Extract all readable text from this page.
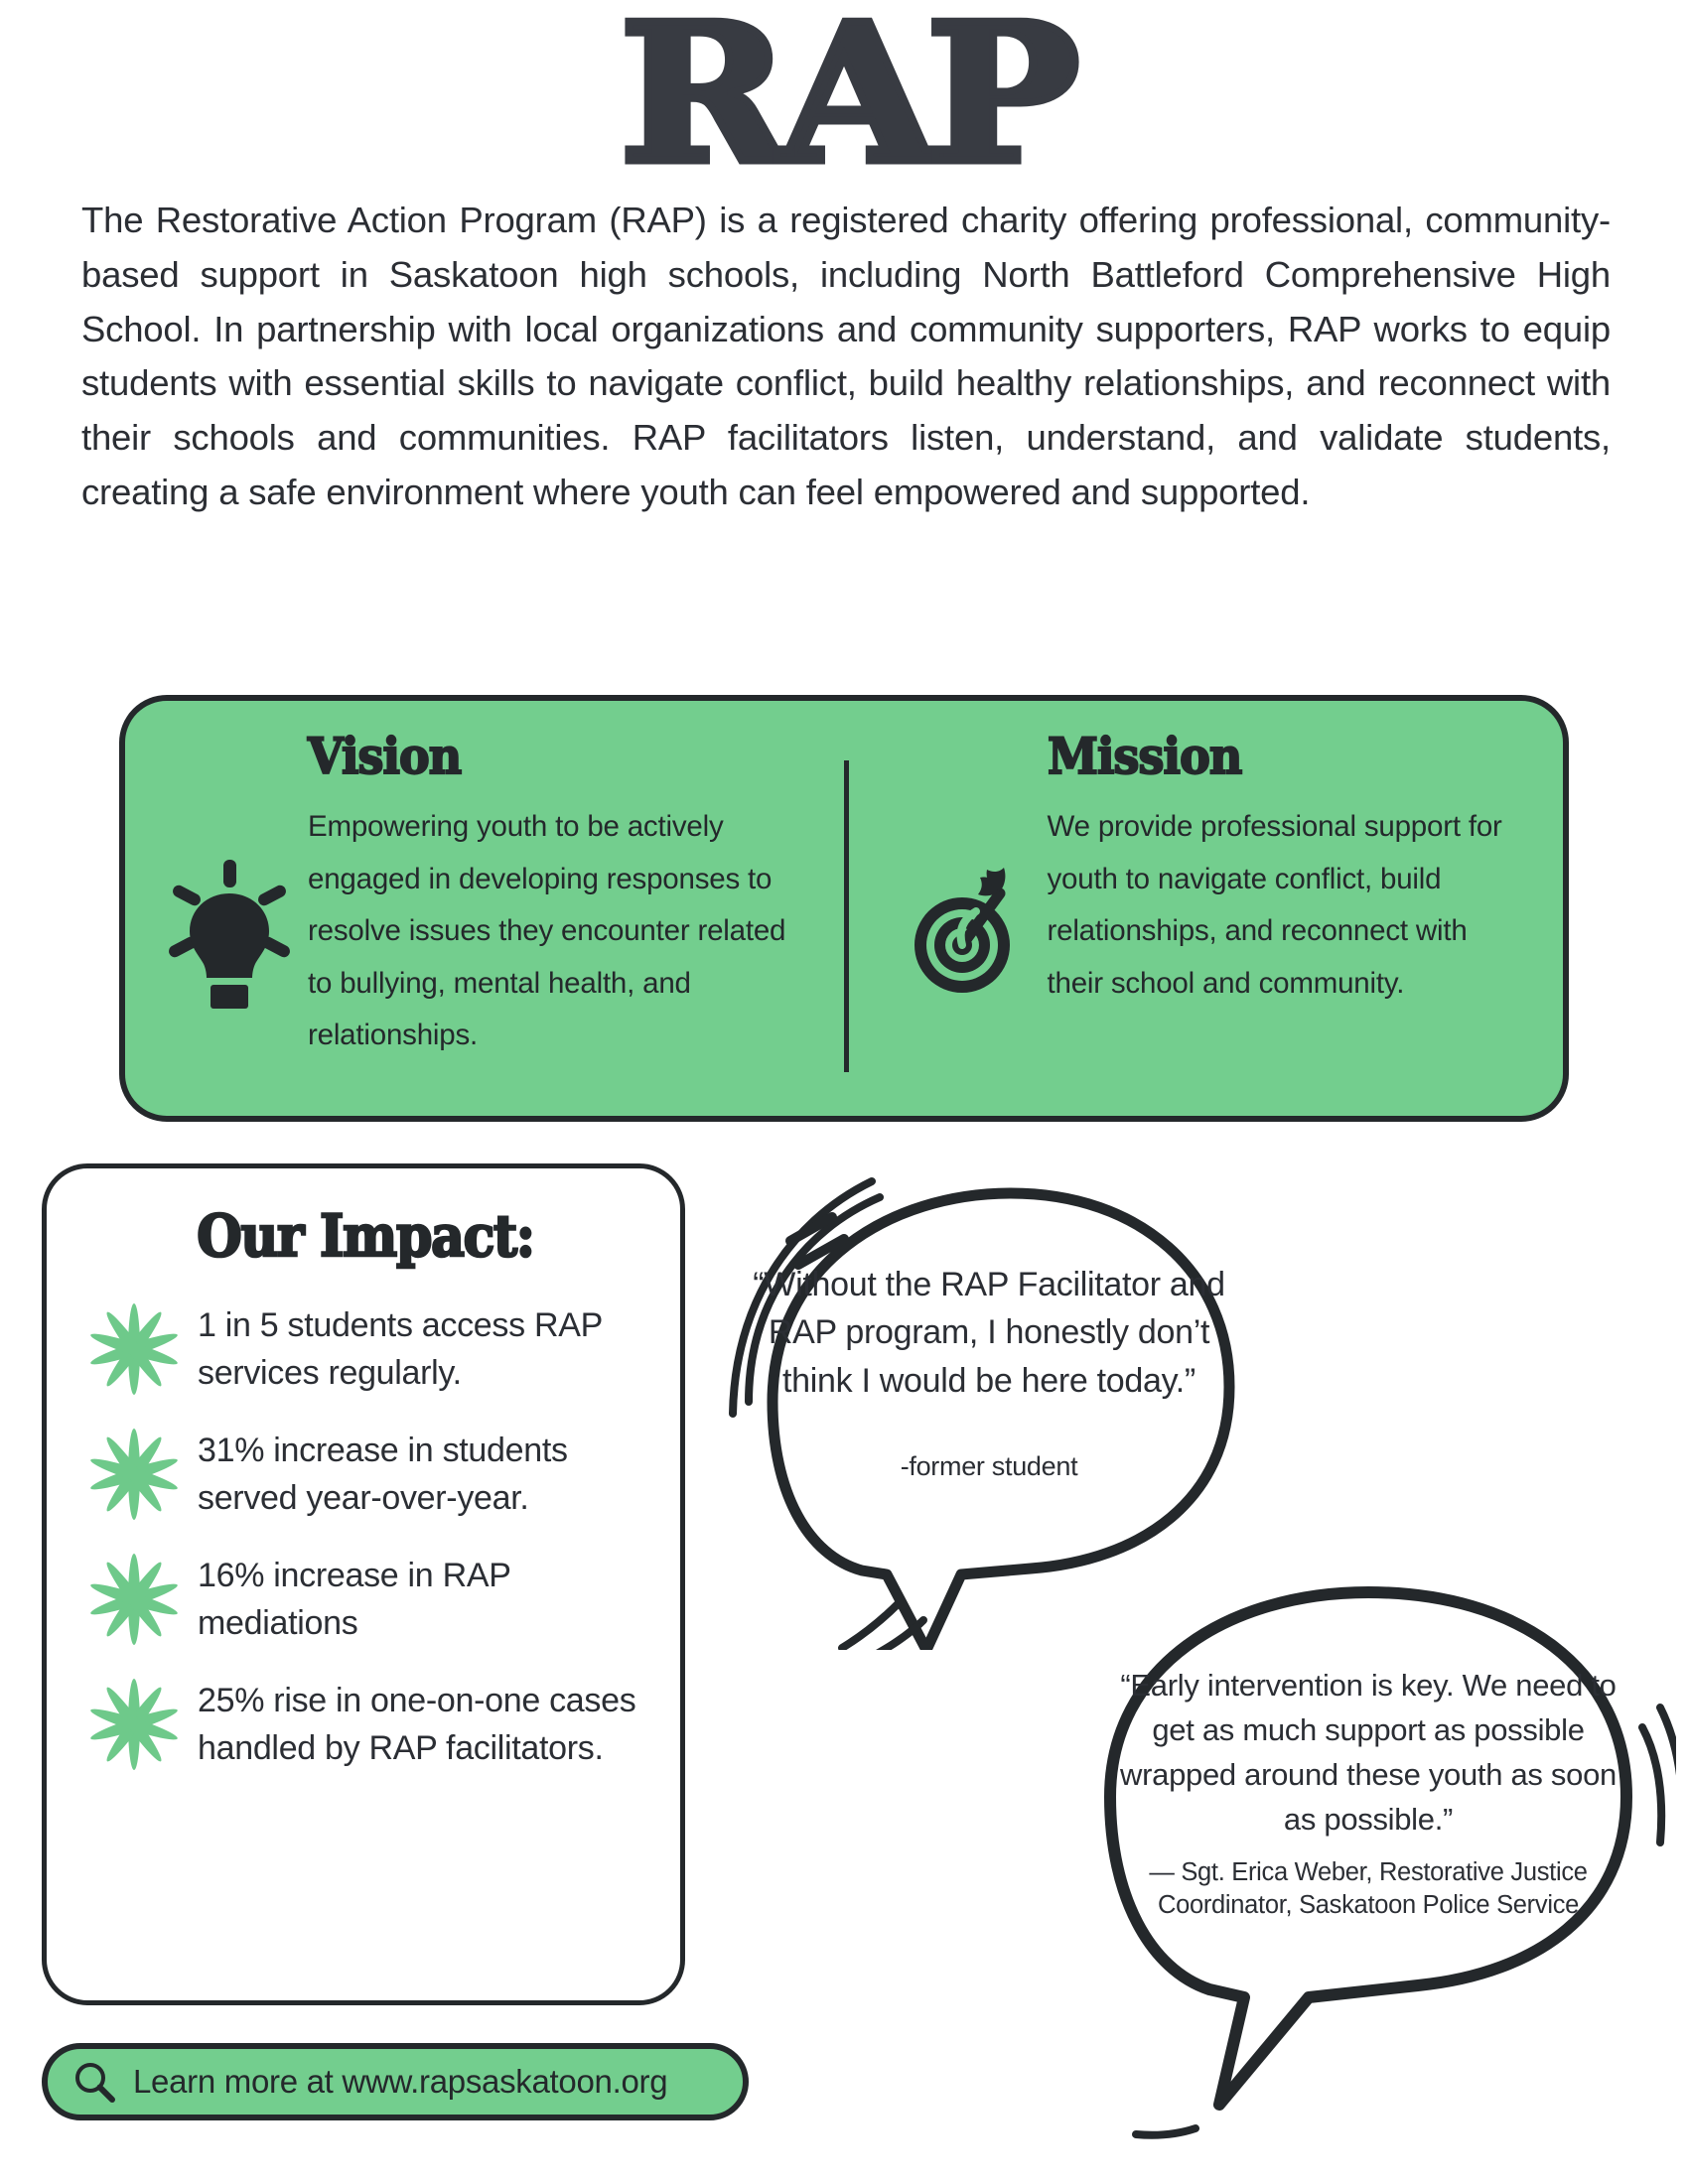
RAP

The Restorative Action Program (RAP) is a registered charity offering professional, community-based support in Saskatoon high schools, including North Battleford Comprehensive High School. In partnership with local organizations and community supporters, RAP works to equip students with essential skills to navigate conflict, build healthy relationships, and reconnect with their schools and communities. RAP facilitators listen, understand, and validate students, creating a safe environment where youth can feel empowered and supported.

Vision
Empowering youth to be actively engaged in developing responses to resolve issues they encounter related to bullying, mental health, and relationships.
Mission
We provide professional support for youth to navigate conflict, build relationships, and reconnect with their school and community.
Our Impact:
1 in 5 students access RAP services regularly.
31% increase in students served year-over-year.
16% increase in RAP mediations
25% rise in one-on-one cases handled by RAP facilitators.
“Without the RAP Facilitator and RAP program, I honestly don’t think I would be here today.”
-former student
“Early intervention is key. We need to get as much support as possible wrapped around these youth as soon as possible.”
— Sgt. Erica Weber, Restorative Justice Coordinator, Saskatoon Police Service
Learn more at www.rapsaskatoon.org
